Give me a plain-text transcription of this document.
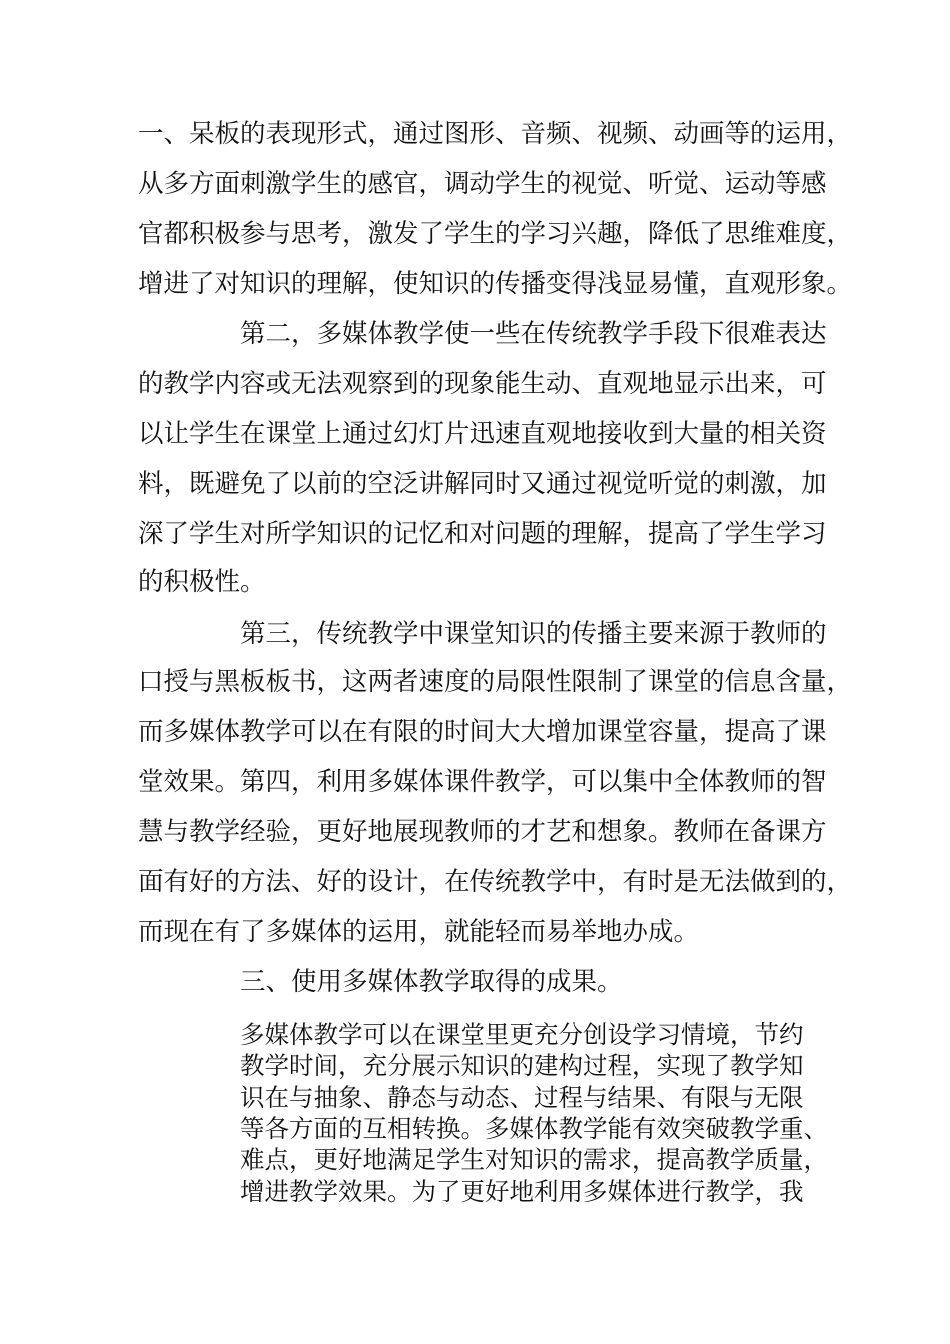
一、呆板的表现形式，通过图形、音频、视频、动画等的运用，
从多方面刺激学生的感官，调动学生的视觉、听觉、运动等感
官都积极参与思考，激发了学生的学习兴趣，降低了思维难度，
增进了对知识的理解，使知识的传播变得浅显易懂，直观形象。
第二，多媒体教学使一些在传统教学手段下很难表达
的教学内容或无法观察到的现象能生动、直观地显示出来，可
以让学生在课堂上通过幻灯片迅速直观地接收到大量的相关资
料，既避免了以前的空泛讲解同时又通过视觉听觉的刺激，加
深了学生对所学知识的记忆和对问题的理解，提高了学生学习
的积极性。
第三，传统教学中课堂知识的传播主要来源于教师的
口授与黑板板书，这两者速度的局限性限制了课堂的信息含量，
而多媒体教学可以在有限的时间大大增加课堂容量，提高了课
堂效果。第四，利用多媒体课件教学，可以集中全体教师的智
慧与教学经验，更好地展现教师的才艺和想象。教师在备课方
面有好的方法、好的设计，在传统教学中，有时是无法做到的，
而现在有了多媒体的运用，就能轻而易举地办成。
三、使用多媒体教学取得的成果。
多媒体教学可以在课堂里更充分创设学习情境，节约
教学时间，充分展示知识的建构过程，实现了教学知
识在与抽象、静态与动态、过程与结果、有限与无限
等各方面的互相转换。多媒体教学能有效突破教学重、
难点，更好地满足学生对知识的需求，提高教学质量，
增进教学效果。为了更好地利用多媒体进行教学，我
